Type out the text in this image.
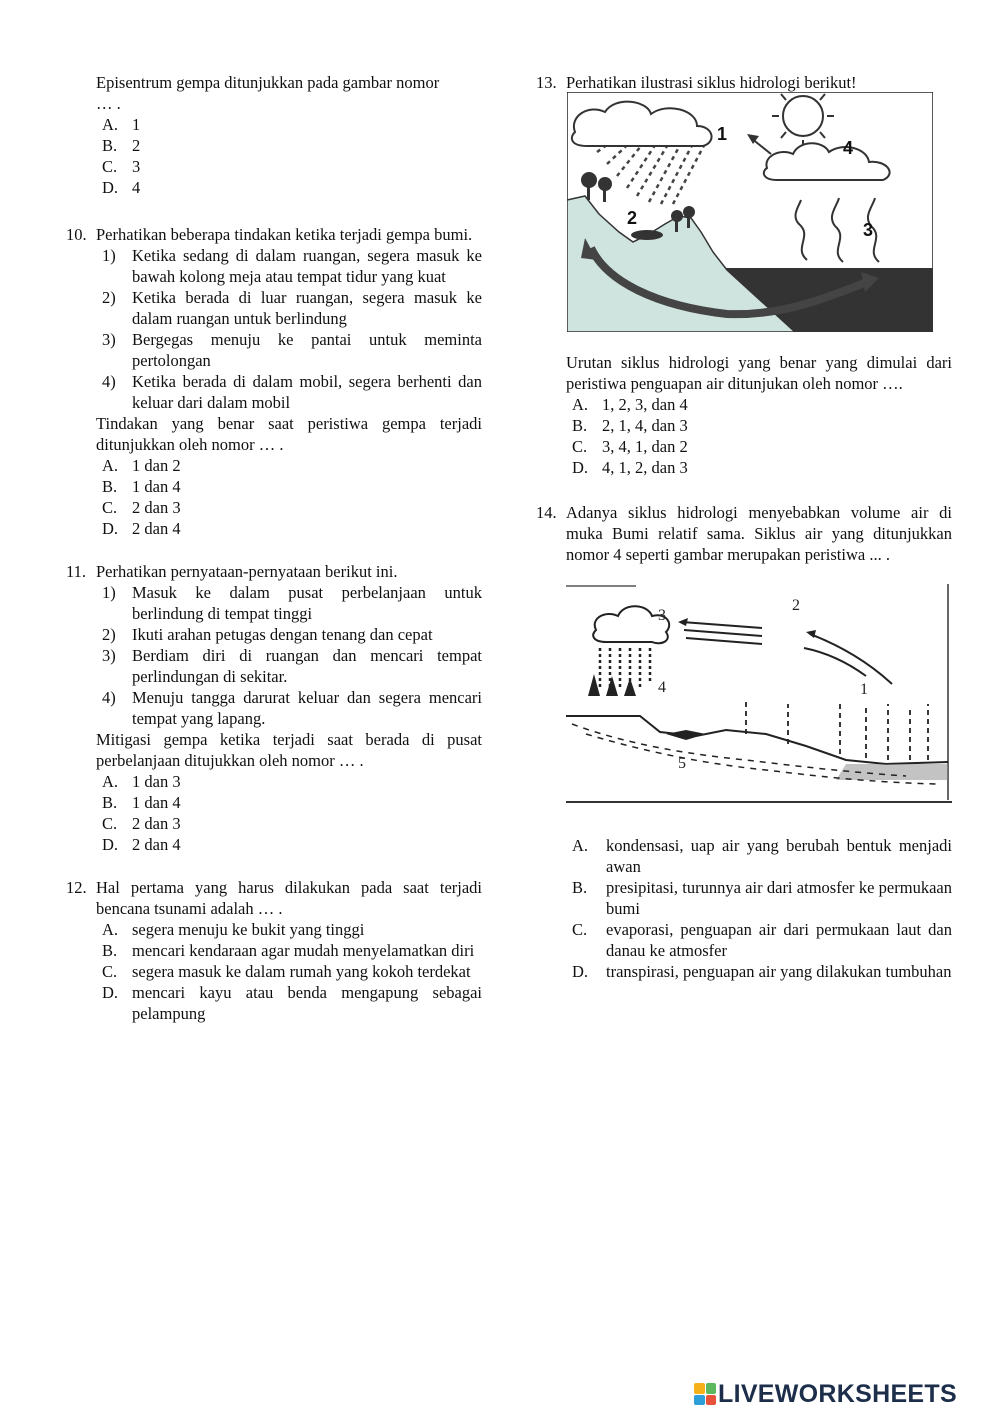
Episentrum gempa ditunjukkan pada gambar nomor
… .
A. 1
B. 2
C. 3
D. 4
10. Perhatikan beberapa tindakan ketika terjadi gempa bumi.
1) Ketika sedang di dalam ruangan, segera masuk ke bawah kolong meja atau tempat tidur yang kuat
2) Ketika berada di luar ruangan, segera masuk ke dalam ruangan untuk berlindung
3) Bergegas menuju ke pantai untuk meminta pertolongan
4) Ketika berada di dalam mobil, segera berhenti dan keluar dari dalam mobil
Tindakan yang benar saat peristiwa gempa terjadi ditunjukkan oleh nomor … .
A. 1 dan 2
B. 1 dan 4
C. 2 dan 3
D. 2 dan 4
11. Perhatikan pernyataan-pernyataan berikut ini.
1) Masuk ke dalam pusat perbelanjaan untuk berlindung di tempat tinggi
2) Ikuti arahan petugas dengan tenang dan cepat
3) Berdiam diri di ruangan dan mencari tempat perlindungan di sekitar.
4) Menuju tangga darurat keluar dan segera mencari tempat yang lapang.
Mitigasi gempa ketika terjadi saat berada di pusat perbelanjaan ditujukkan oleh nomor … .
A. 1 dan 3
B. 1 dan 4
C. 2 dan 3
D. 2 dan 4
12. Hal pertama yang harus dilakukan pada saat terjadi bencana tsunami adalah … .
A. segera menuju ke bukit yang tinggi
B. mencari kendaraan agar mudah menyelamatkan diri
C. segera masuk ke dalam rumah yang kokoh terdekat
D. mencari kayu atau benda mengapung sebagai pelampung
13. Perhatikan ilustrasi siklus hidrologi berikut!
1
2
3
4
Urutan siklus hidrologi yang benar yang dimulai dari peristiwa penguapan air ditunjukan oleh nomor ….
A. 1, 2, 3, dan 4
B. 2, 1, 4, dan 3
C. 3, 4, 1, dan 2
D. 4, 1, 2, dan 3
14. Adanya siklus hidrologi menyebabkan volume air di muka Bumi relatif sama. Siklus air yang ditunjukkan nomor 4 seperti gambar merupakan peristiwa ... .
3
2
4	1
5
A. kondensasi, uap air yang berubah bentuk menjadi awan
B. presipitasi, turunnya air dari atmosfer ke permukaan bumi
C. evaporasi, penguapan air dari permukaan laut dan danau ke atmosfer
D. transpirasi, penguapan air yang dilakukan tumbuhan
LIVEWORKSHEETS
